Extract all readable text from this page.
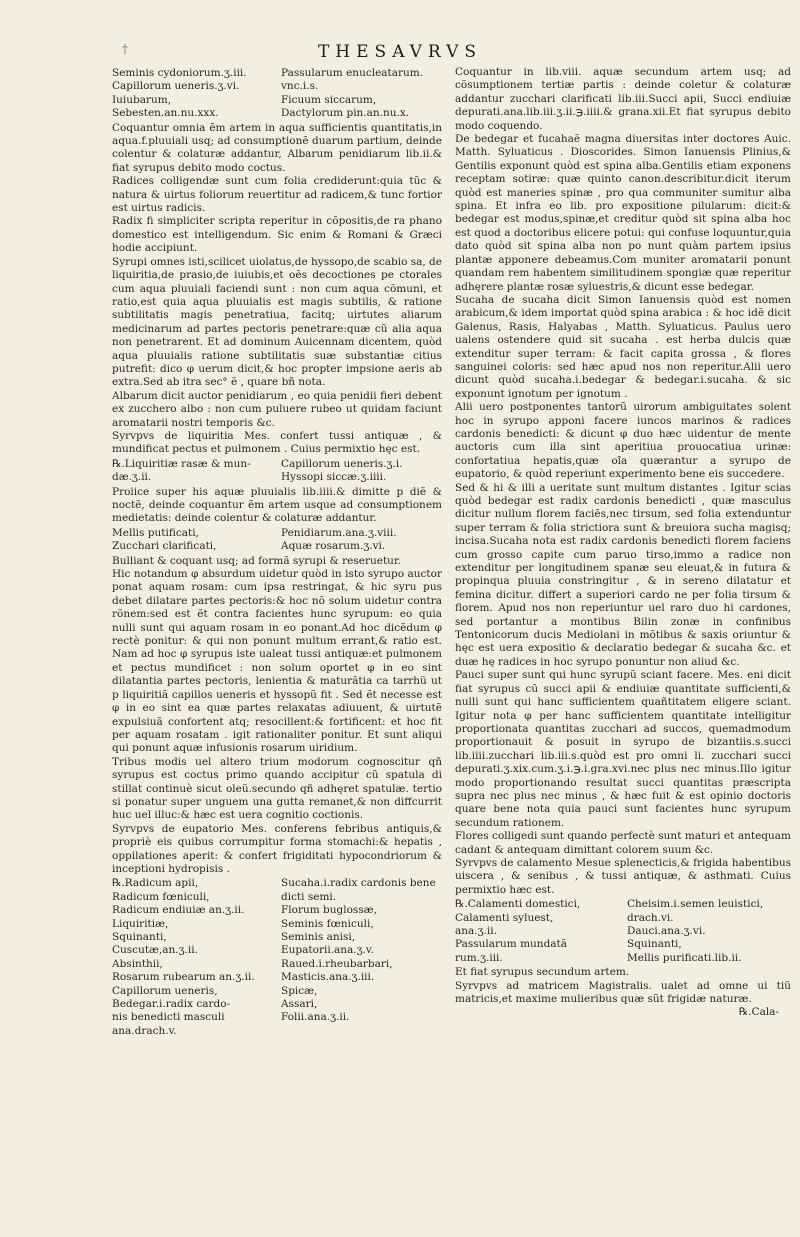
†	THESAVRVS
Seminis cydoniorum.ʒ.iii.	Passularum enucleatarum.
Capillorum ueneris.ʒ.vi.	vnc.i.s.
Iuiubarum,	Ficuum siccarum,
Sebesten.an.nu.xxx.	Dactylorum pin.an.nu.x.

Coquantur omnia ẽm artem in aqua sufficientis quantitatis,in aqua.f.pluuiali usq; ad consumptionẽ duarum partium, deinde colentur & colaturæ addantur, Albarum penidiarum lib.ii.& fiat syrupus debito modo coctus.

Radices colligendæ sunt cum folia crediderunt:quia tũc & natura & uirtus foliorum reuertitur ad radicem,& tunc fortior est uirtus radicis.

Radix fi simpliciter scripta reperitur in cõpositis,de ra phano domestico est intelligendum. Sic enim & Romani & Græci hodie accipiunt.

Syrupi omnes isti,scilicet uiolatus,de hyssopo,de scabio sa, de liquiritia,de prasio,de iuiubis,et oẽs decoctiones pe ctorales cum aqua pluuiali faciendi sunt : non cum aqua cõmuni, et ratio,est quia aqua pluuialis est magis subtilis, & ratione subtilitatis magis penetratiua, facitq; uirtutes aliarum medicinarum ad partes pectoris penetrare:quæ cũ alia aqua non penetrarent. Et ad dominum Auicennam dicentem, quòd aqua pluuialis ratione subtilitatis suæ substantiæ citius putrefit: dico φ uerum dicit,& hoc propter impsione aeris ab extra.Sed ab itra sec° ẽ , quare bñ nota.

Albarum dicit auctor penidiarum , eo quia penidii fieri debent ex zucchero albo : non cum puluere rubeo ut quidam faciunt aromatarii nostri temporis &c.

Syrvpvs de liquiritia Mes. confert tussi antiquæ , & mundificat pectus et pulmonem . Cuius permixtio hęc est.

℞.Liquiritiæ rasæ & mun-	Capillorum ueneris.ʒ.i.
dæ.ʒ.ii.	Hyssopi siccæ.ʒ.iiii.

Proiice super his aquæ pluuialis lib.iiii.& dimitte p diẽ & noctẽ, deinde coquantur ẽm artem usque ad consumptionem medietatis: deinde colentur & colaturæ addantur.

Mellis putificati,	Penidiarum.ana.ʒ.viii.
Zucchari clarificati,	Aquæ rosarum.ʒ.vi.

Bulliant & coquant usq; ad formã syrupi & reseruetur.

Hic notandum φ absurdum uidetur quòd in isto syrupo auctor ponat aquam rosam: cum ipsa restringat, & hic syru pus debet dilatare partes pectoris:& hoc nõ solum uidetur contra rõnem:sed est ẽt contra facientes hunc syrupum: eo quia nulli sunt qui aquam rosam in eo ponant.Ad hoc dicẽdum φ rectè ponitur: & qui non ponunt multum errant,& ratio est. Nam ad hoc φ syrupus iste ualeat tussi antiquæ:et pulmonem et pectus mundificet : non solum oportet φ in eo sint dilatantia partes pectoris, lenientia & maturãtia ca tarrhũ ut p liquiritiã capillos ueneris et hyssopũ fit . Sed ẽt necesse est φ in eo sint ea quæ partes relaxatas adiuuent, & uirtutẽ expulsiuã confortent atq; resocillent:& fortificent: et hoc fit per aquam rosatam . igit rationaliter ponitur. Et sunt aliqui qui ponunt aquæ infusionis rosarum uiridium.

Tribus modis uel altero trium modorum cognoscitur qñ syrupus est coctus primo quando accipitur cũ spatula di stillat continuè sicut oleũ.secundo qñ adhęret spatulæ. tertio si ponatur super unguem una gutta remanet,& non diffcurrit huc uel illuc:& hæc est uera cognitio coctionis.

Syrvpvs de eupatorio Mes. conferens febribus antiquis,& propriè eis quibus corrumpitur forma stomachi:& hepatis , oppilationes aperit: & confert frigiditati hypocondriorum & inceptioni hydropisis .

℞.Radicum apii,	Sucaha.i.radix cardonis bene
Radicum fœniculi,	dicti semi.
Radicum endiuiæ an.ʒ.ii.	Florum buglossæ,
Liquiritiæ,	Seminis fœniculi,
Squinanti,	Seminis anisi,
Cuscutæ,an.ʒ.ii.	Eupatorii.ana.ʒ.v.
Absinthii,	Raued.i.rheubarbari,
Rosarum rubearum an.ʒ.ii.	Masticis.ana.ʒ.iii.
Capillorum ueneris,	Spicæ,
Bedegar.i.radix cardo-	Assari,
nis benedicti masculi	Folii.ana.ʒ.ii.
ana.drach.v.

Coquantur in lib.viii. aquæ secundum artem usq; ad cõsumptionem tertiæ partis : deinde coletur & colaturæ addantur zucchari clarificati lib.iii.Succi apii, Succi endiuiæ depurati.ana.lib.iii.ʒ.ii.℈.iiii.& grana.xii.Et fiat syrupus debito modo coquendo.

De bedegar et fucahaẽ magna diuersitas inter doctores Auic. Matth. Syluaticus . Dioscorides. Simon Ianuensis Plinius,& Gentilis exponunt quòd est spina alba.Gentilis etiam exponens receptam sotiræ: quæ quinto canon.describitur.dicit iterum quòd est maneries spinæ , pro qua communiter sumitur alba spina. Et infra eo lib. pro expositione pilularum: dicit:& bedegar est modus,spinæ,et creditur quòd sit spina alba hoc est quod a doctoribus elicere potui: qui confuse loquuntur,quia dato quòd sit spina alba non po nunt quàm partem ipsius plantæ apponere debeamus.Com muniter aromatarii ponunt quandam rem habentem similitudinem spongiæ quæ reperitur adhęrere plantæ rosæ syluestris,& dicunt esse bedegar.

Sucaha de sucaha dicit Simon Ianuensis quòd est nomen arabicum,& idem importat quòd spina arabica : & hoc idẽ dicit Galenus, Rasis, Halyabas , Matth. Syluaticus. Paulus uero ualens ostendere quid sit sucaha . est herba dulcis quæ extenditur super terram: & facit capita grossa , & flores sanguinei coloris: sed hæc apud nos non reperitur.Alii uero dicunt quòd sucaha.i.bedegar & bedegar.i.sucaha. & sic exponunt ignotum per ignotum .

Alii uero postponentes tantorũ uirorum ambiguitates solent hoc in syrupo apponi facere iuncos marinos & radices cardonis benedicti: & dicunt φ duo hæc uidentur de mente auctoris cum illa sint aperitiua prouocatiua urinæ: confortatiua hepatis,quæ oĩa quærantur a syrupo de eupatorio, & quòd reperiunt experimento bene eis succedere.

Sed & hi & illi a ueritate sunt multum distantes . Igitur scias quòd bedegar est radix cardonis benedicti , quæ masculus dicitur nullum florem faciẽs,nec tirsum, sed folia extenduntur super terram & folia strictiora sunt & breuiora sucha magisq; incisa.Sucaha nota est radix cardonis benedicti florem faciens cum grosso capite cum paruo tirso,immo a radice non extenditur per longitudinem spanæ seu eleuat,& in futura & propinqua pluuia constringitur , & in sereno dilatatur et femina dicitur. differt a superiori cardo ne per folia tirsum & florem. Apud nos non reperiuntur uel raro duo hi cardones, sed portantur a montibus Bilin zonæ in confinibus Tentonicorum ducis Mediolani in mõtibus & saxis oriuntur & hęc est uera expositio & declaratio bedegar & sucaha &c. et duæ hę radices in hoc syrupo ponuntur non aliud &c.

Pauci super sunt qui hunc syrupũ sciant facere. Mes. eni dicit fiat syrupus cũ succi apii & endiuiæ quantitate sufficienti,& nulli sunt qui hanc sufficientem quañtitatem eligere sciant. Igitur nota φ per hanc sufficientem quantitate intelligitur proportionata quantitas zucchari ad succos, quemadmodum proportionauit & posuit in syrupo de bizantiis.s.succi lib.iiii.zucchari lib.iii.s.quòd est pro omni li. zucchari succi depurati.ʒ.xix.cum.ʒ.i.℈.i.gra.xvi.nec plus nec minus.Illo igitur modo proportionando resultat succi quantitas præscripta supra nec plus nec minus , & hæc fuit & est opinio doctoris quare bene nota quia pauci sunt facientes hunc syrupum secundum rationem.

Flores colligedi sunt quando perfectè sunt maturi et antequam cadant & antequam dimittant colorem suum &c.

Syrvpvs de calamento Mesue splenecticis,& frigida habentibus uiscera , & senibus , & tussi antiquæ, & asthmati. Cuius permixtio hæc est.

℞.Calamenti domestici,	Cheisim.i.semen leuistici,
Calamenti syluest,	drach.vi.
ana.ʒ.ii.	Dauci.ana.ʒ.vi.
Passularum mundatã	Squinanti,
rum.ʒ.iii.	Mellis purificati.lib.ii.

Et fiat syrupus secundum artem.

Syrvpvs ad matricem Magistralis. ualet ad omne ui tiũ matricis,et maxime mulieribus quæ sũt frigidæ naturæ.

℞.Cala-
